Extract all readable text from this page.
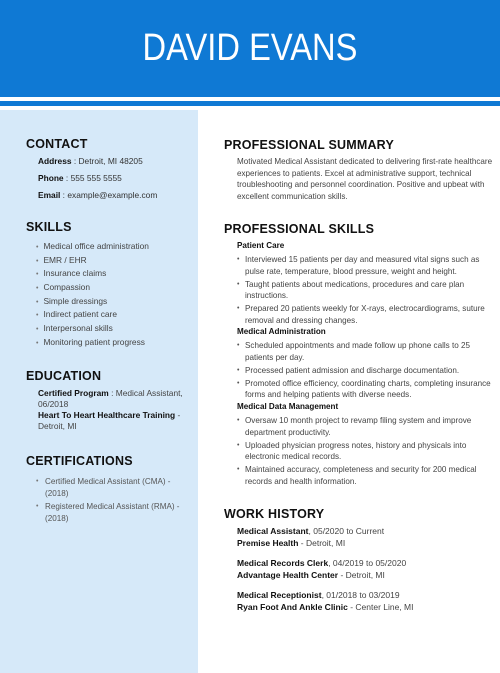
DAVID EVANS
CONTACT
Address : Detroit, MI 48205
Phone : 555 555 5555
Email : example@example.com
SKILLS
• Medical office administration
• EMR / EHR
• Insurance claims
• Compassion
• Simple dressings
• Indirect patient care
• Interpersonal skills
• Monitoring patient progress
EDUCATION
Certified Program : Medical Assistant, 06/2018
Heart To Heart Healthcare Training - Detroit, MI
CERTIFICATIONS
• Certified Medical Assistant (CMA) - (2018)
• Registered Medical Assistant (RMA) - (2018)
PROFESSIONAL SUMMARY
Motivated Medical Assistant dedicated to delivering first-rate healthcare experiences to patients. Excel at administrative support, technical troubleshooting and personnel coordination. Positive and upbeat with excellent communication skills.
PROFESSIONAL SKILLS
Patient Care
• Interviewed 15 patients per day and measured vital signs such as pulse rate, temperature, blood pressure, weight and height.
• Taught patients about medications, procedures and care plan instructions.
• Prepared 20 patients weekly for X-rays, electrocardiograms, suture removal and dressing changes.
Medical Administration
• Scheduled appointments and made follow up phone calls to 25 patients per day.
• Processed patient admission and discharge documentation.
• Promoted office efficiency, coordinating charts, completing insurance forms and helping patients with diverse needs.
Medical Data Management
• Oversaw 10 month project to revamp filing system and improve department productivity.
• Uploaded physician progress notes, history and physicals into electronic medical records.
• Maintained accuracy, completeness and security for 200 medical records and health information.
WORK HISTORY
Medical Assistant, 05/2020 to Current
Premise Health - Detroit, MI
Medical Records Clerk, 04/2019 to 05/2020
Advantage Health Center - Detroit, MI
Medical Receptionist, 01/2018 to 03/2019
Ryan Foot And Ankle Clinic - Center Line, MI
